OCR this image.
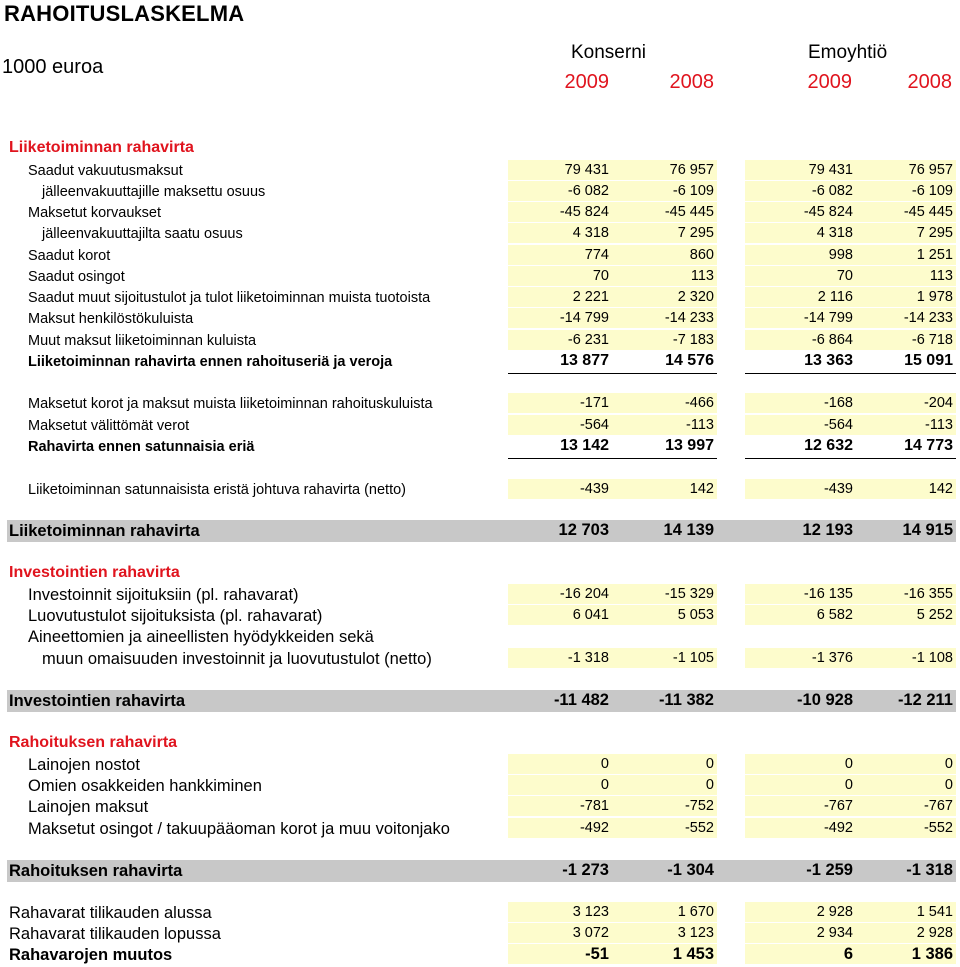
RAHOITUSLASKELMA
1000 euroa
Konserni	Emoyhtiö
2009	2008	2009	2008
Liiketoiminnan rahavirta
Saadut vakuutusmaksut	79 431	76 957	79 431	76 957
jälleenvakuuttajille maksettu osuus	-6 082	-6 109	-6 082	-6 109
Maksetut korvaukset	-45 824	-45 445	-45 824	-45 445
jälleenvakuuttajilta saatu osuus	4 318	7 295	4 318	7 295
Saadut korot	774	860	998	1 251
Saadut osingot	70	113	70	113
Saadut muut sijoitustulot ja tulot liiketoiminnan muista tuotoista	2 221	2 320	2 116	1 978
Maksut henkilöstökuluista	-14 799	-14 233	-14 799	-14 233
Muut maksut liiketoiminnan kuluista	-6 231	-7 183	-6 864	-6 718
Liiketoiminnan rahavirta ennen rahoituseriä ja veroja	13 877	14 576	13 363	15 091
Maksetut korot ja maksut muista liiketoiminnan rahoituskuluista	-171	-466	-168	-204
Maksetut välittömät verot	-564	-113	-564	-113
Rahavirta ennen satunnaisia eriä	13 142	13 997	12 632	14 773
Liiketoiminnan satunnaisista eristä johtuva rahavirta (netto)	-439	142	-439	142
Liiketoiminnan rahavirta	12 703	14 139	12 193	14 915
Investointien rahavirta
Investoinnit sijoituksiin (pl. rahavarat)	-16 204	-15 329	-16 135	-16 355
Luovutustulot sijoituksista (pl. rahavarat)	6 041	5 053	6 582	5 252
Aineettomien ja aineellisten hyödykkeiden sekä
muun omaisuuden investoinnit ja luovutustulot (netto)	-1 318	-1 105	-1 376	-1 108
Investointien rahavirta	-11 482	-11 382	-10 928	-12 211
Rahoituksen rahavirta
Lainojen nostot	0	0	0	0
Omien osakkeiden hankkiminen	0	0	0	0
Lainojen maksut	-781	-752	-767	-767
Maksetut osingot / takuupääoman korot ja muu voitonjako	-492	-552	-492	-552
Rahoituksen rahavirta	-1 273	-1 304	-1 259	-1 318
Rahavarat tilikauden alussa	3 123	1 670	2 928	1 541
Rahavarat tilikauden lopussa	3 072	3 123	2 934	2 928
Rahavarojen muutos	-51	1 453	6	1 386
